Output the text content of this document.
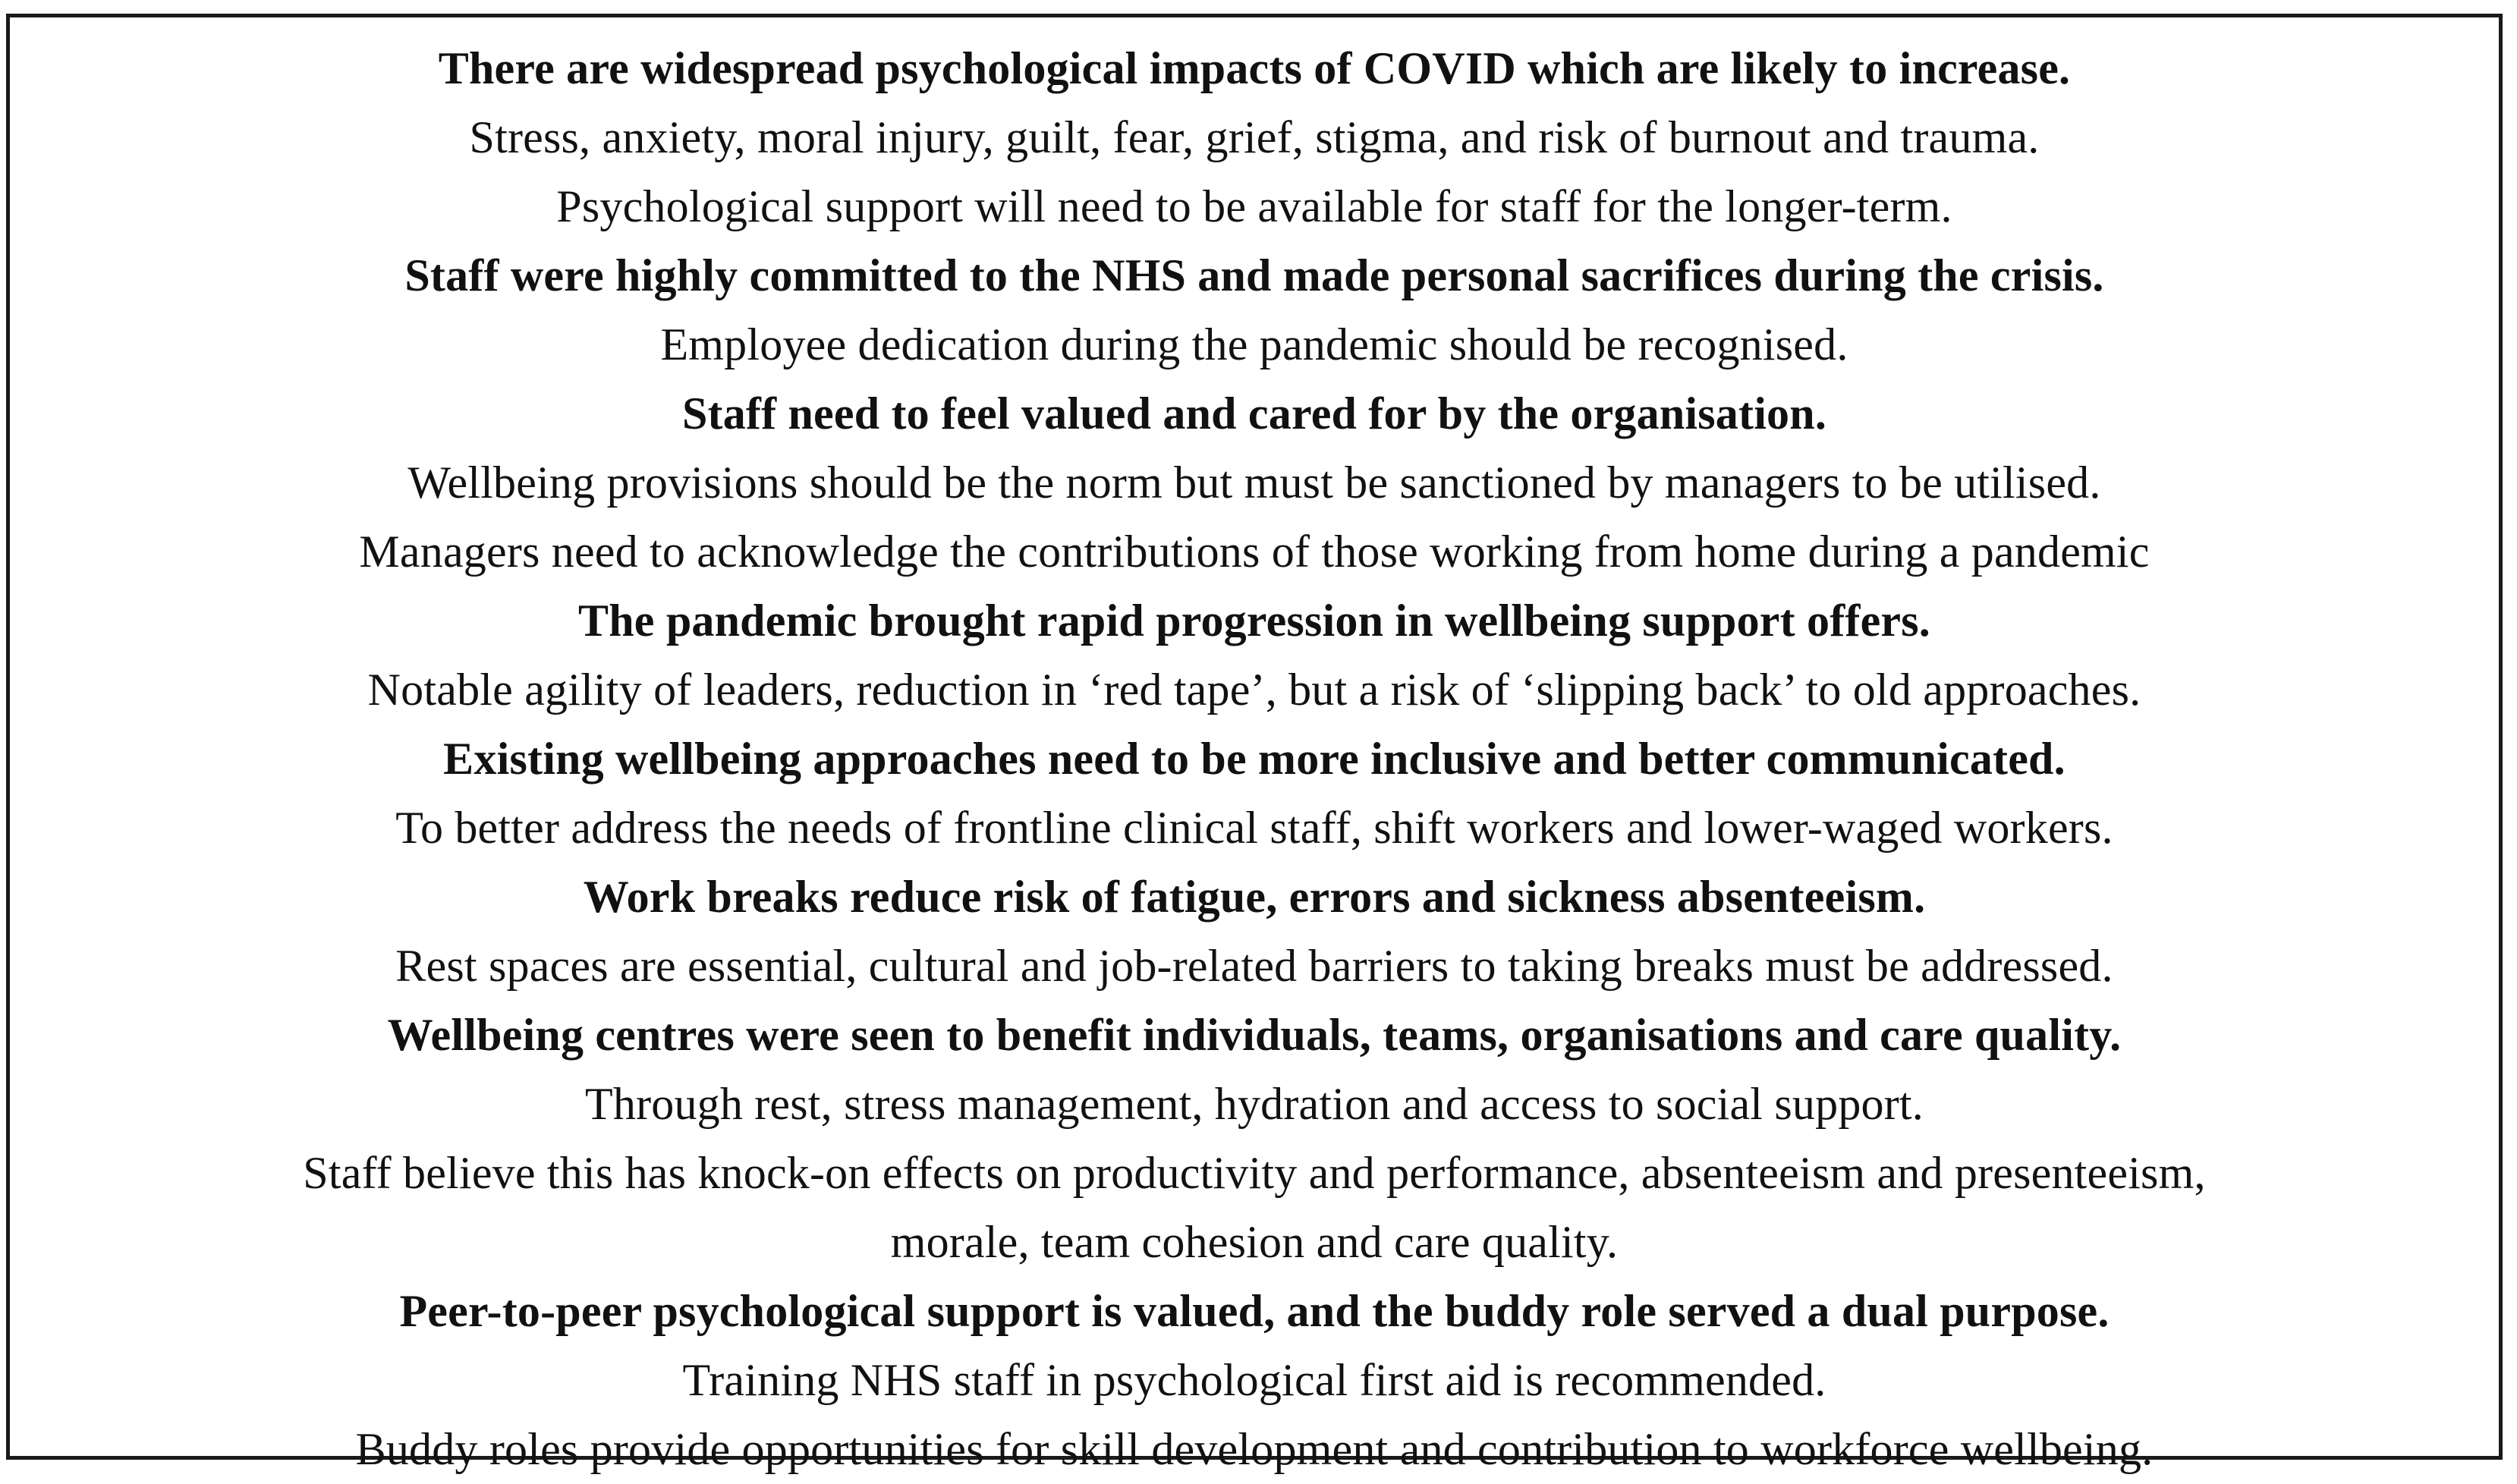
There are widespread psychological impacts of COVID which are likely to increase.
Stress, anxiety, moral injury, guilt, fear, grief, stigma, and risk of burnout and trauma.
Psychological support will need to be available for staff for the longer-term.
Staff were highly committed to the NHS and made personal sacrifices during the crisis.
Employee dedication during the pandemic should be recognised.
Staff need to feel valued and cared for by the organisation.
Wellbeing provisions should be the norm but must be sanctioned by managers to be utilised.
Managers need to acknowledge the contributions of those working from home during a pandemic
The pandemic brought rapid progression in wellbeing support offers.
Notable agility of leaders, reduction in ‘red tape’, but a risk of ‘slipping back’ to old approaches.
Existing wellbeing approaches need to be more inclusive and better communicated.
To better address the needs of frontline clinical staff, shift workers and lower-waged workers.
Work breaks reduce risk of fatigue, errors and sickness absenteeism.
Rest spaces are essential, cultural and job-related barriers to taking breaks must be addressed.
Wellbeing centres were seen to benefit individuals, teams, organisations and care quality.
Through rest, stress management, hydration and access to social support.
Staff believe this has knock-on effects on productivity and performance, absenteeism and presenteeism,
morale, team cohesion and care quality.
Peer-to-peer psychological support is valued, and the buddy role served a dual purpose.
Training NHS staff in psychological first aid is recommended.
Buddy roles provide opportunities for skill development and contribution to workforce wellbeing.
